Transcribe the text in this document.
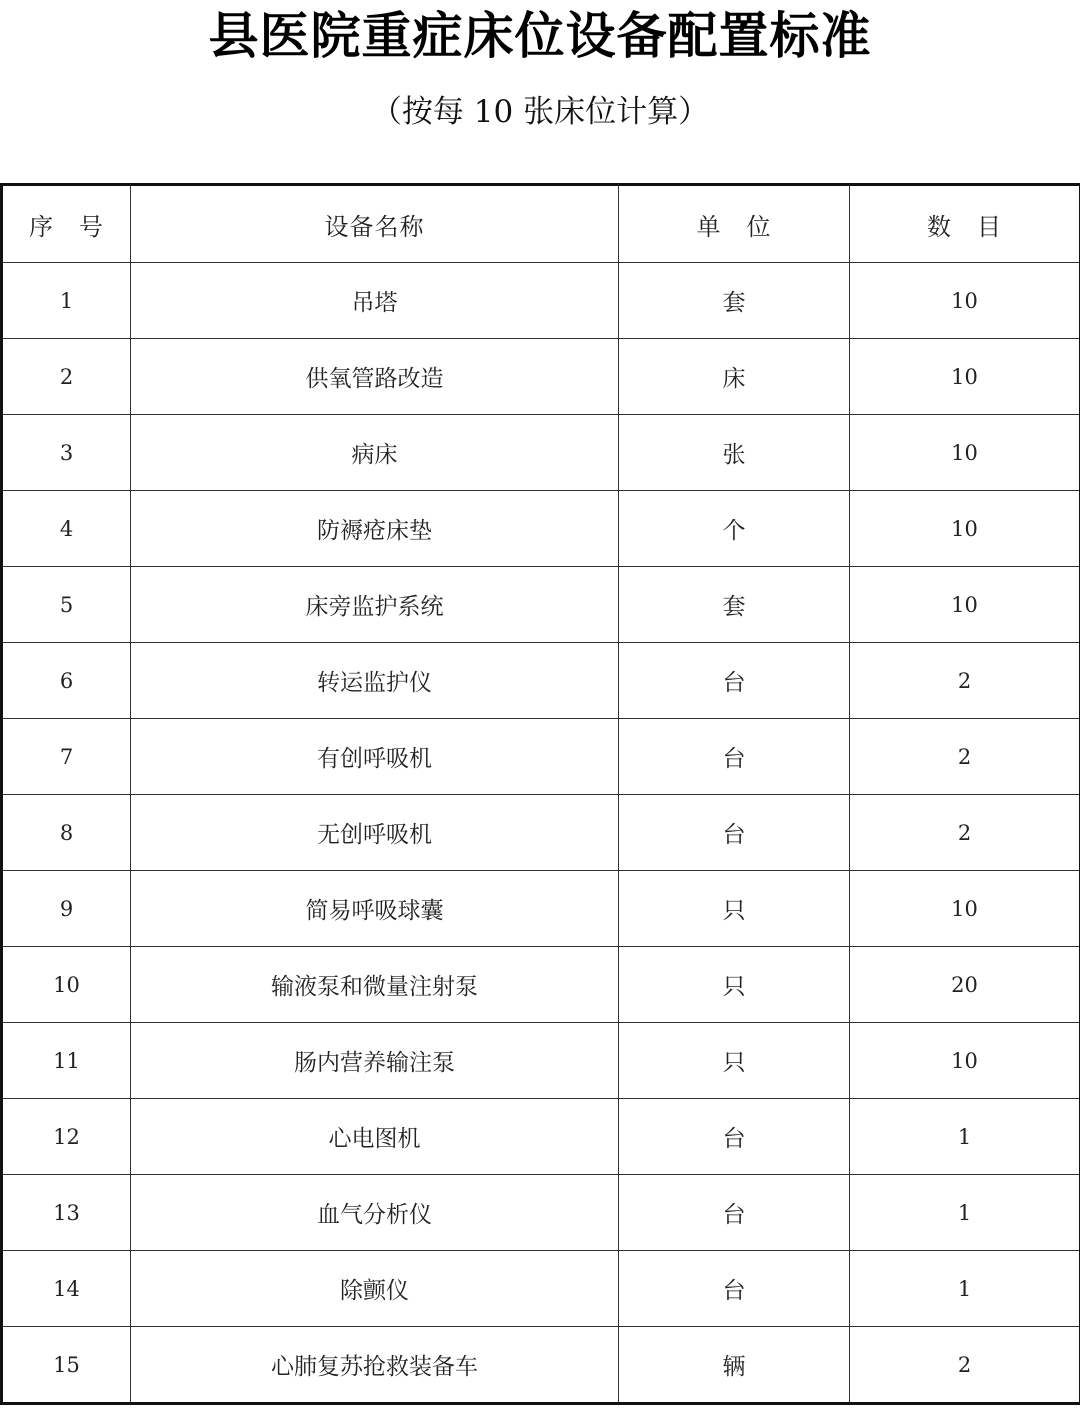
县医院重症床位设备配置标准
（按每 10 张床位计算）
序　号	设备名称	单　位	数　目
1	吊塔	套	10
2	供氧管路改造	床	10
3	病床	张	10
4	防褥疮床垫	个	10
5	床旁监护系统	套	10
6	转运监护仪	台	2
7	有创呼吸机	台	2
8	无创呼吸机	台	2
9	简易呼吸球囊	只	10
10	输液泵和微量注射泵	只	20
11	肠内营养输注泵	只	10
12	心电图机	台	1
13	血气分析仪	台	1
14	除颤仪	台	1
15	心肺复苏抢救装备车	辆	2
